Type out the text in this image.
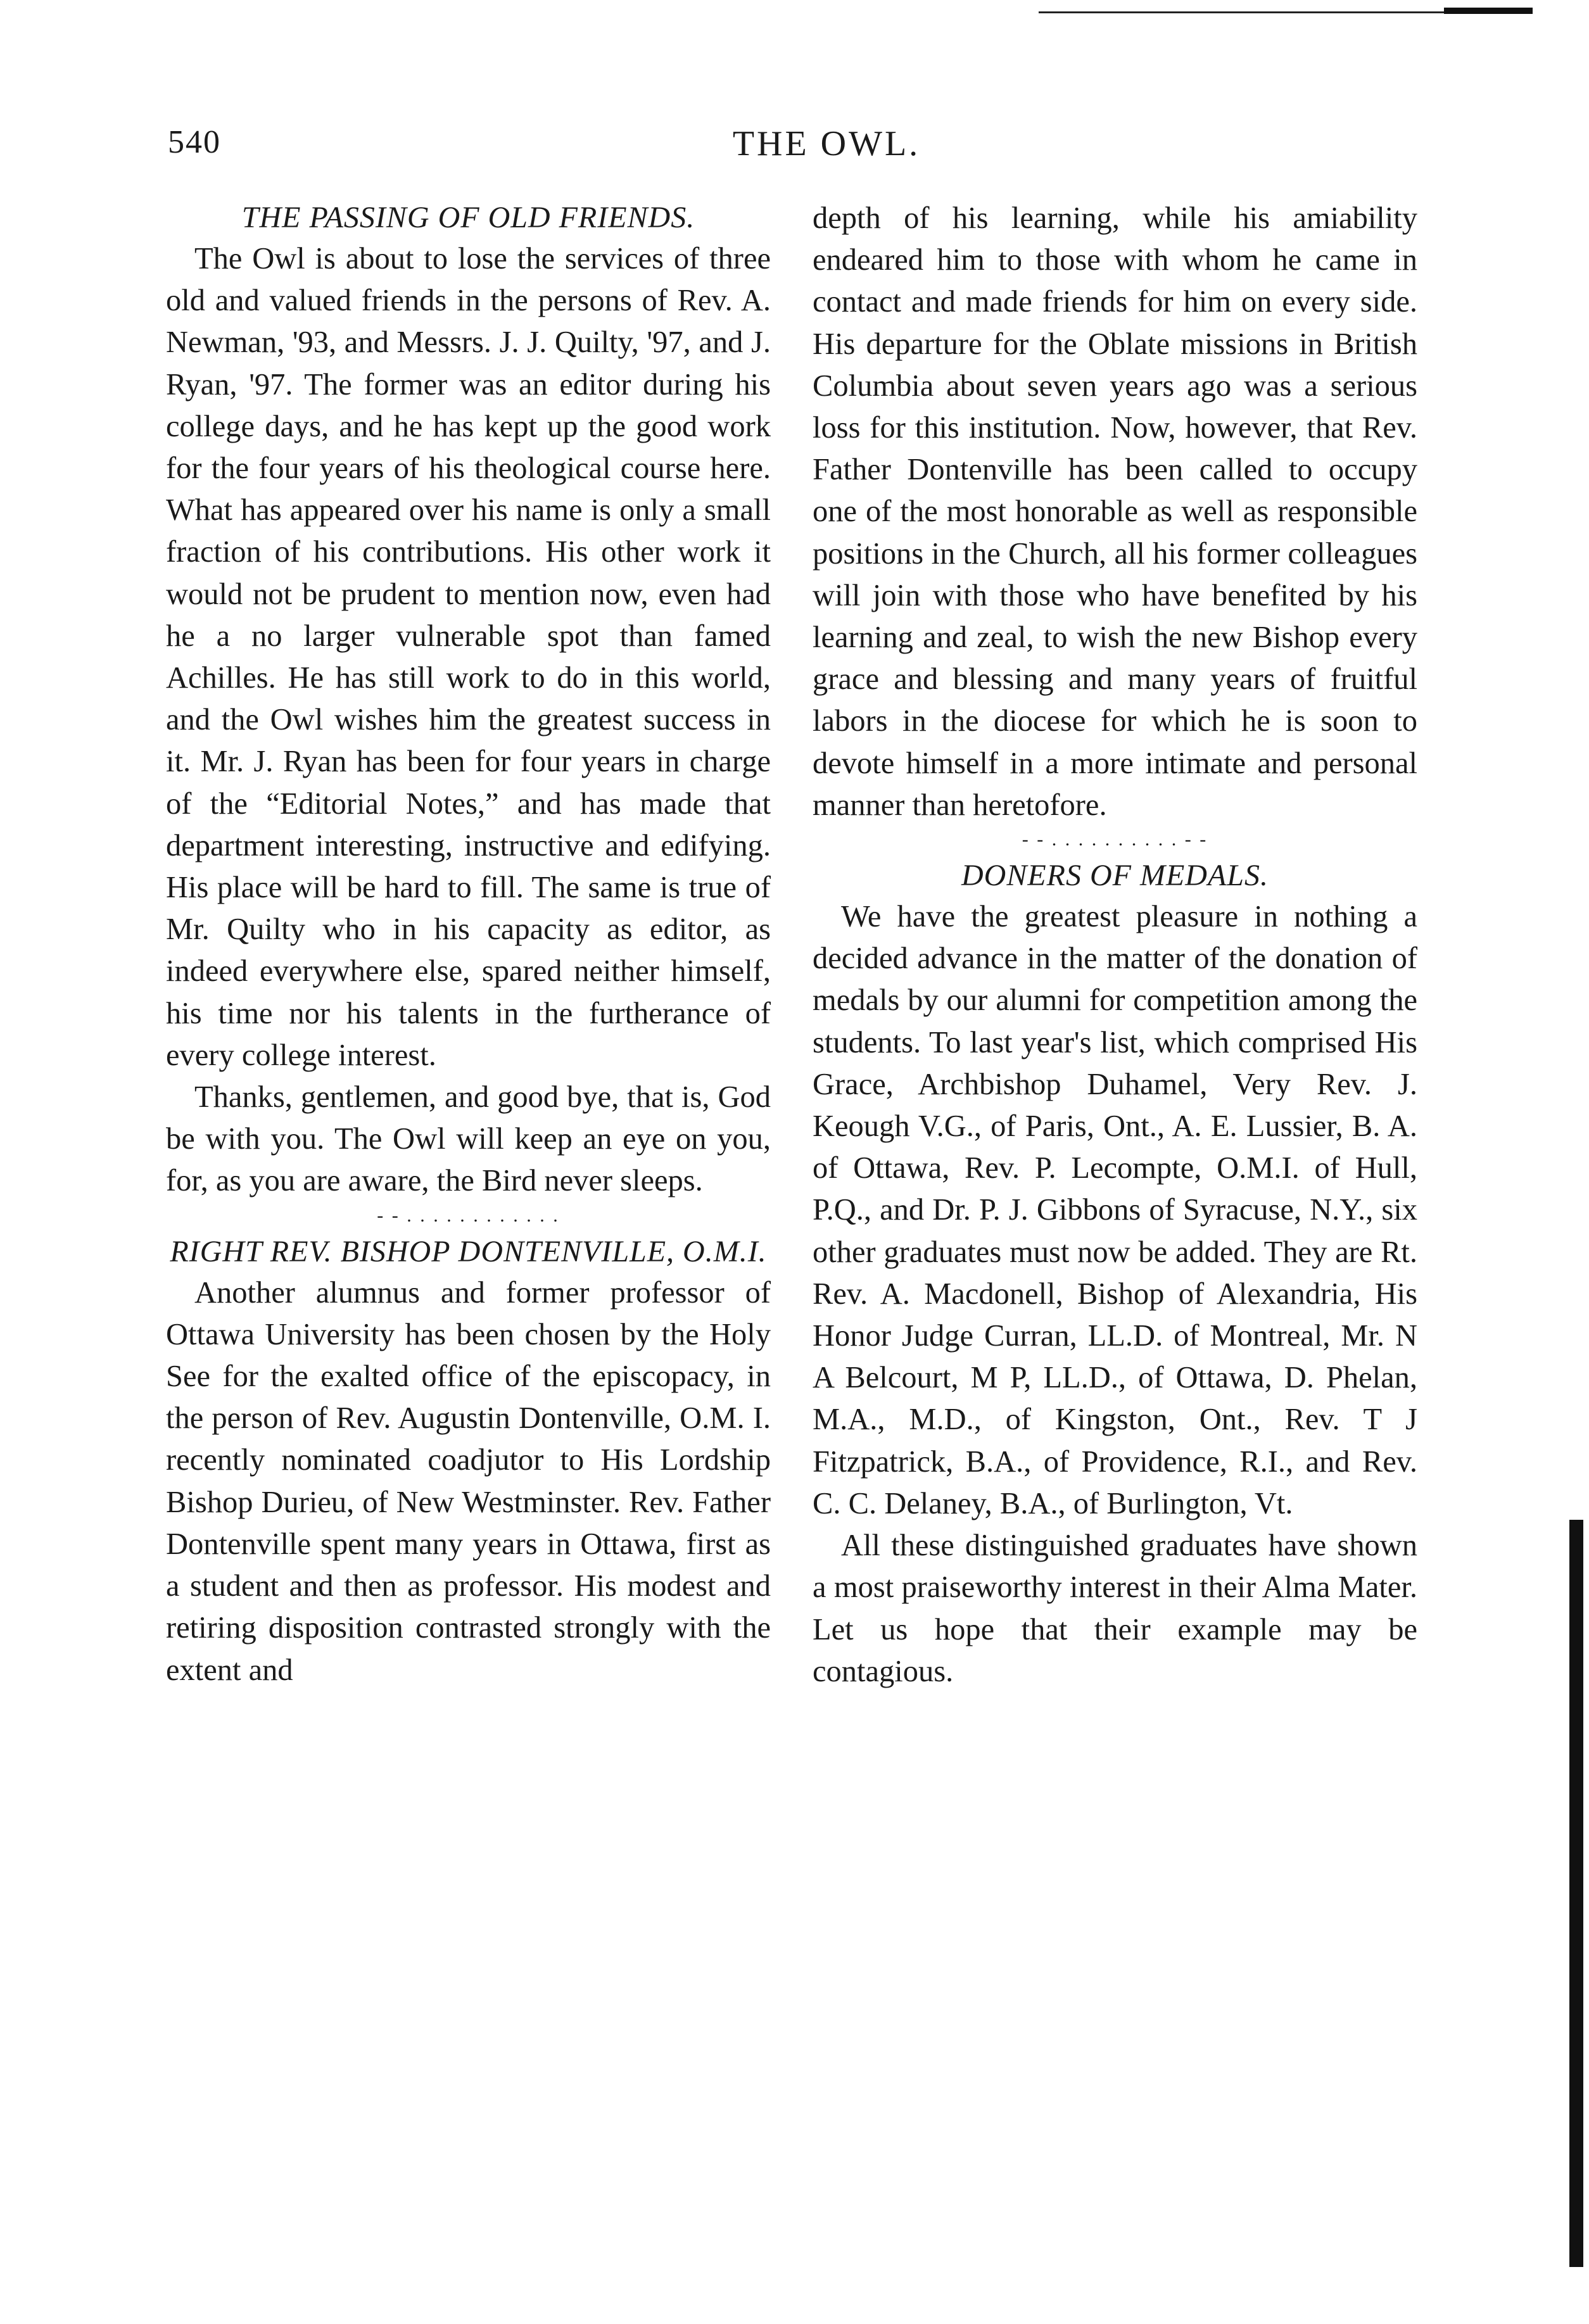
540	THE OWL.
THE PASSING OF OLD FRIENDS.

The Owl is about to lose the services of three old and valued friends in the persons of Rev. A. Newman, '93, and Messrs. J. J. Quilty, '97, and J. Ryan, '97. The former was an editor during his college days, and he has kept up the good work for the four years of his theological course here. What has appeared over his name is only a small fraction of his contributions. His other work it would not be prudent to mention now, even had he a no larger vulnerable spot than famed Achilles. He has still work to do in this world, and the Owl wishes him the greatest success in it. Mr. J. Ryan has been for four years in charge of the “Editorial Notes,” and has made that department interesting, instructive and edifying. His place will be hard to fill. The same is true of Mr. Quilty who in his capacity as editor, as indeed everywhere else, spared neither himself, his time nor his talents in the furtherance of every college interest.

Thanks, gentlemen, and good bye, that is, God be with you. The Owl will keep an eye on you, for, as you are aware, the Bird never sleeps.

- - . . . . . . . . . . . .
RIGHT REV. BISHOP DONTENVILLE, O.M.I.

Another alumnus and former professor of Ottawa University has been chosen by the Holy See for the exalted office of the episcopacy, in the person of Rev. Augustin Dontenville, O.M. I. recently nominated coadjutor to His Lordship Bishop Durieu, of New Westminster. Rev. Father Dontenville spent many years in Ottawa, first as a student and then as professor. His modest and retiring disposition contrasted strongly with the extent and

depth of his learning, while his amiability endeared him to those with whom he came in contact and made friends for him on every side. His departure for the Oblate missions in British Columbia about seven years ago was a serious loss for this institution. Now, however, that Rev. Father Dontenville has been called to occupy one of the most honorable as well as responsible positions in the Church, all his former colleagues will join with those who have benefited by his learning and zeal, to wish the new Bishop every grace and blessing and many years of fruitful labors in the diocese for which he is soon to devote himself in a more intimate and personal manner than heretofore.

- - . . . . . . . . . . - -
DONERS OF MEDALS.

We have the greatest pleasure in nothing a decided advance in the matter of the donation of medals by our alumni for competition among the students. To last year's list, which comprised His Grace, Archbishop Duhamel, Very Rev. J. Keough V.G., of Paris, Ont., A. E. Lussier, B. A. of Ottawa, Rev. P. Lecompte, O.M.I. of Hull, P.Q., and Dr. P. J. Gibbons of Syracuse, N.Y., six other graduates must now be added. They are Rt. Rev. A. Macdonell, Bishop of Alexandria, His Honor Judge Curran, LL.D. of Montreal, Mr. N A Belcourt, M P, LL.D., of Ottawa, D. Phelan, M.A., M.D., of Kingston, Ont., Rev. T J Fitzpatrick, B.A., of Providence, R.I., and Rev. C. C. Delaney, B.A., of Burlington, Vt.

All these distinguished graduates have shown a most praiseworthy interest in their Alma Mater. Let us hope that their example may be contagious.
